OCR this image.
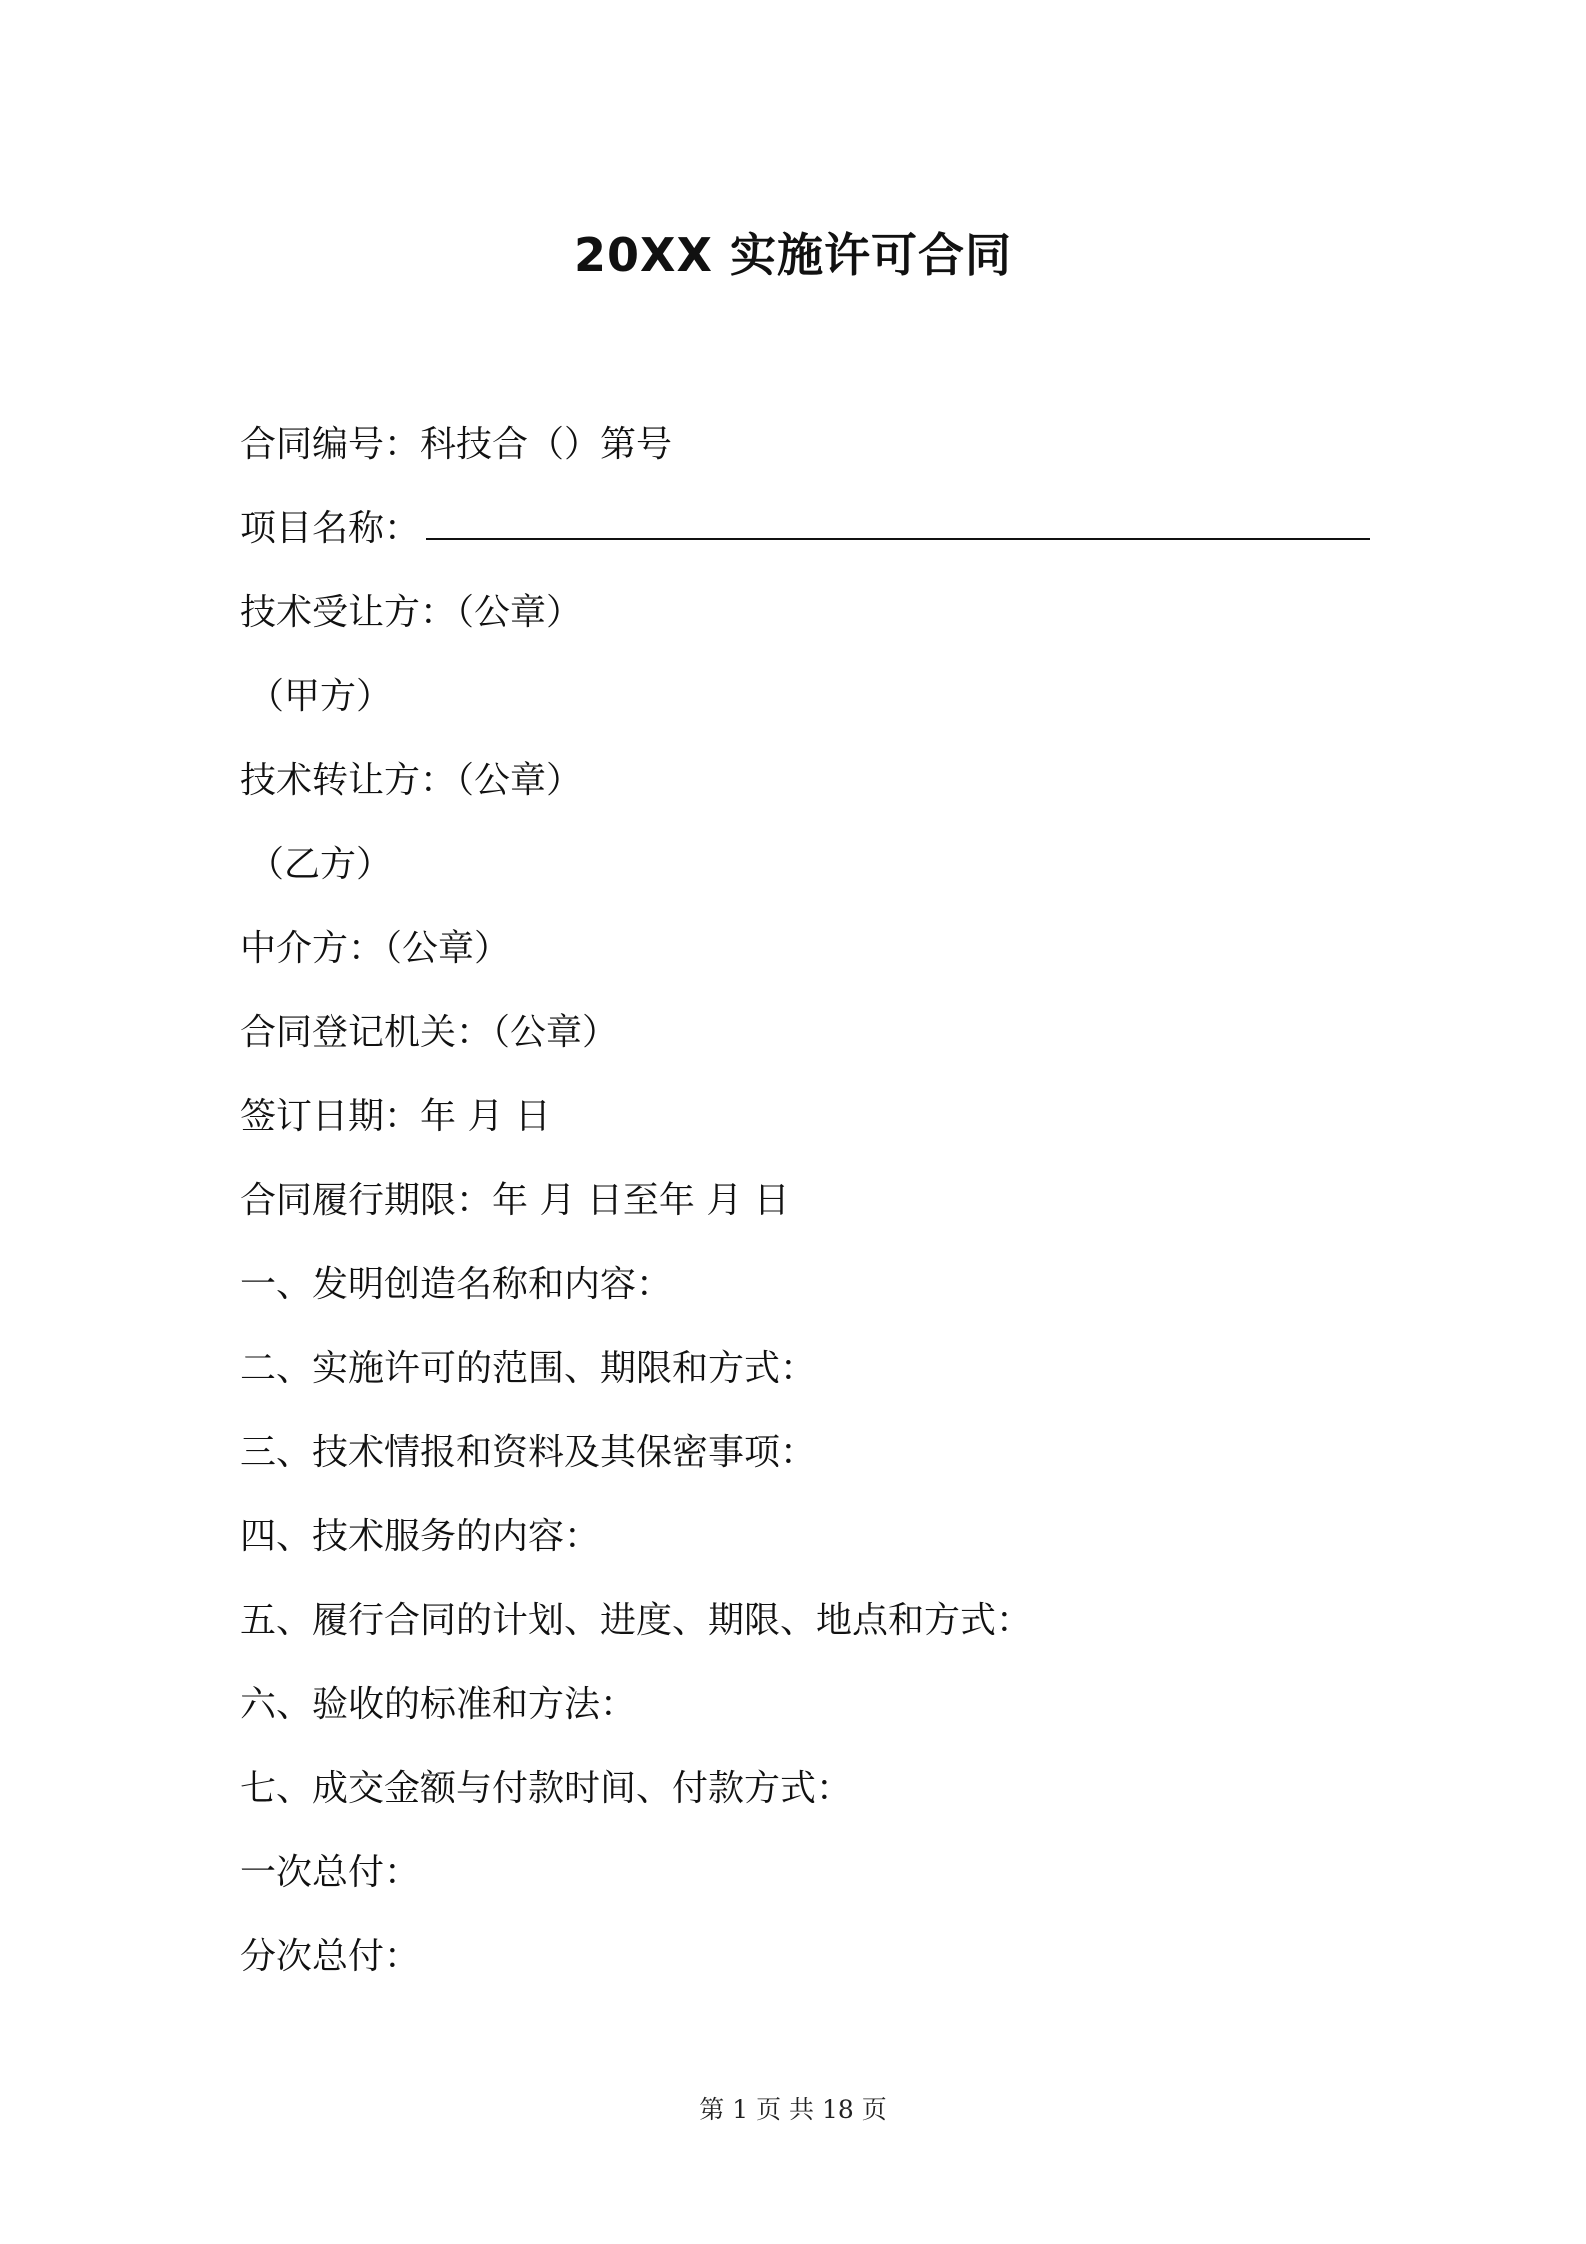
20XX 实施许可合同
合同编号：科技合（）第号
项目名称：
技术受让方：（公章）
（甲方）
技术转让方：（公章）
（乙方）
中介方：（公章）
合同登记机关：（公章）
签订日期：年 月 日
合同履行期限：年 月 日至年 月 日
一、发明创造名称和内容：
二、实施许可的范围、期限和方式：
三、技术情报和资料及其保密事项：
四、技术服务的内容：
五、履行合同的计划、进度、期限、地点和方式：
六、验收的标准和方法：
七、成交金额与付款时间、付款方式：
一次总付：
分次总付：
第 1 页 共 18 页
